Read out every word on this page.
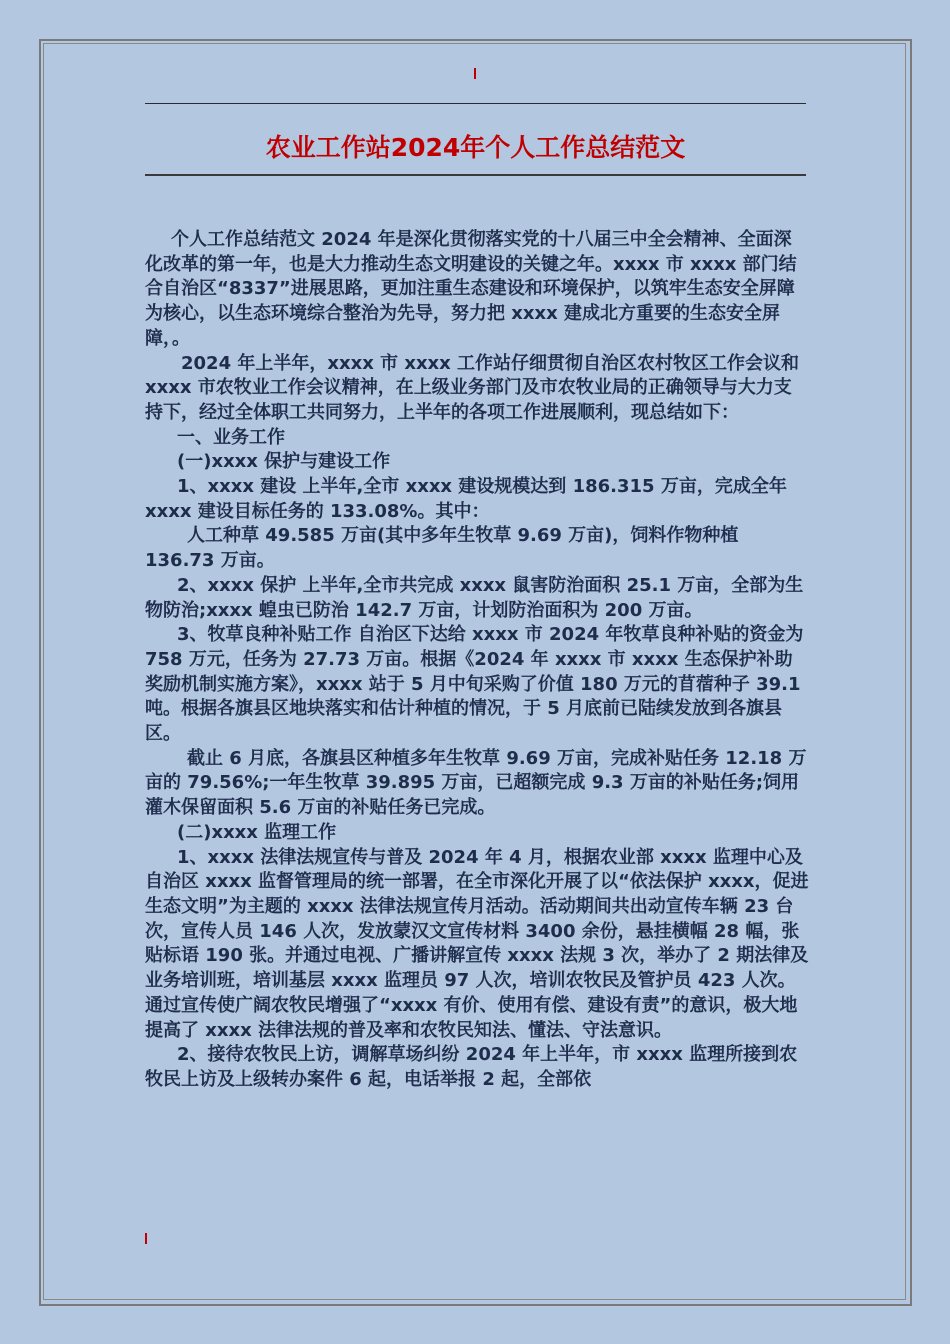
农业工作站2024年个人工作总结范文

个人工作总结范文 2024 年是深化贯彻落实党的十八届三中全会精神、全面深化改革的第一年，也是大力推动生态文明建设的关键之年。xxxx 市 xxxx 部门结合自治区“8337”进展思路，更加注重生态建设和环境保护，以筑牢生态安全屏障为核心，以生态环境综合整治为先导，努力把 xxxx 建成北方重要的生态安全屏障，。

2024 年上半年，xxxx 市 xxxx 工作站仔细贯彻自治区农村牧区工作会议和 xxxx 市农牧业工作会议精神，在上级业务部门及市农牧业局的正确领导与大力支持下，经过全体职工共同努力，上半年的各项工作进展顺利，现总结如下：

一、业务工作

(一)xxxx 保护与建设工作

1、xxxx 建设 上半年,全市 xxxx 建设规模达到 186.315 万亩，完成全年 xxxx 建设目标任务的 133.08%。其中：

人工种草 49.585 万亩(其中多年生牧草 9.69 万亩)，饲料作物种植 136.73 万亩。

2、xxxx 保护 上半年,全市共完成 xxxx 鼠害防治面积 25.1 万亩，全部为生物防治;xxxx 蝗虫已防治 142.7 万亩，计划防治面积为 200 万亩。

3、牧草良种补贴工作 自治区下达给 xxxx 市 2024 年牧草良种补贴的资金为 758 万元，任务为 27.73 万亩。根据《2024 年 xxxx 市 xxxx 生态保护补助奖励机制实施方案》，xxxx 站于 5 月中旬采购了价值 180 万元的苜蓿种子 39.1 吨。根据各旗县区地块落实和估计种植的情况，于 5 月底前已陆续发放到各旗县区。

截止 6 月底，各旗县区种植多年生牧草 9.69 万亩，完成补贴任务 12.18 万亩的 79.56%;一年生牧草 39.895 万亩，已超额完成 9.3 万亩的补贴任务;饲用灌木保留面积 5.6 万亩的补贴任务已完成。

(二)xxxx 监理工作

1、xxxx 法律法规宣传与普及 2024 年 4 月，根据农业部 xxxx 监理中心及自治区 xxxx 监督管理局的统一部署，在全市深化开展了以“依法保护 xxxx，促进生态文明”为主题的 xxxx 法律法规宣传月活动。活动期间共出动宣传车辆 23 台次，宣传人员 146 人次，发放蒙汉文宣传材料 3400 余份，悬挂横幅 28 幅，张贴标语 190 张。并通过电视、广播讲解宣传 xxxx 法规 3 次，举办了 2 期法律及业务培训班，培训基层 xxxx 监理员 97 人次，培训农牧民及管护员 423 人次。通过宣传使广阔农牧民增强了“xxxx 有价、使用有偿、建设有责”的意识，极大地提高了 xxxx 法律法规的普及率和农牧民知法、懂法、守法意识。

2、接待农牧民上访，调解草场纠纷 2024 年上半年，市 xxxx 监理所接到农牧民上访及上级转办案件 6 起，电话举报 2 起，全部依
